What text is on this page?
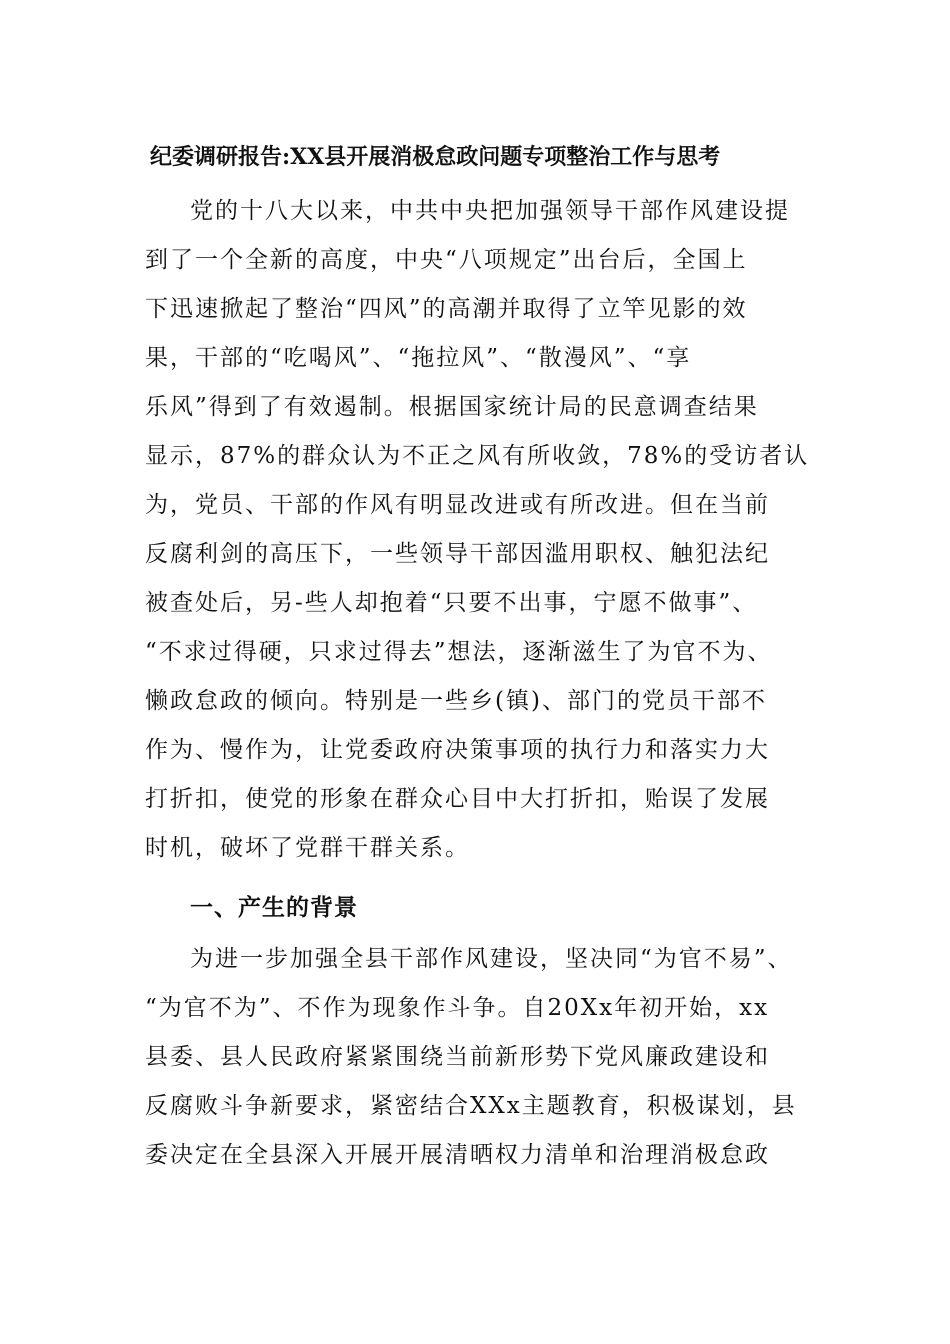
纪委调研报告:XX县开展消极怠政问题专项整治工作与思考
党的十八大以来，中共中央把加强领导干部作风建设提
到了一个全新的高度，中央“八项规定”出台后，全国上
下迅速掀起了整治“四风”的高潮并取得了立竿见影的效
果，干部的“吃喝风”、“拖拉风”、“散漫风”、“享
乐风”得到了有效遏制。根据国家统计局的民意调查结果
显示，87%的群众认为不正之风有所收敛，78%的受访者认
为，党员、干部的作风有明显改进或有所改进。但在当前
反腐利剑的高压下，一些领导干部因滥用职权、触犯法纪
被查处后，另-些人却抱着“只要不出事，宁愿不做事”、
“不求过得硬，只求过得去”想法，逐渐滋生了为官不为、
懒政怠政的倾向。特别是一些乡(镇)、部门的党员干部不
作为、慢作为，让党委政府决策事项的执行力和落实力大
打折扣，使党的形象在群众心目中大打折扣，贻误了发展
时机，破坏了党群干群关系。
一、产生的背景
为进一步加强全县干部作风建设，坚决同“为官不易”、
“为官不为”、不作为现象作斗争。自20Xx年初开始，xx
县委、县人民政府紧紧围绕当前新形势下党风廉政建设和
反腐败斗争新要求，紧密结合XXx主题教育，积极谋划，县
委决定在全县深入开展开展清晒权力清单和治理消极怠政
